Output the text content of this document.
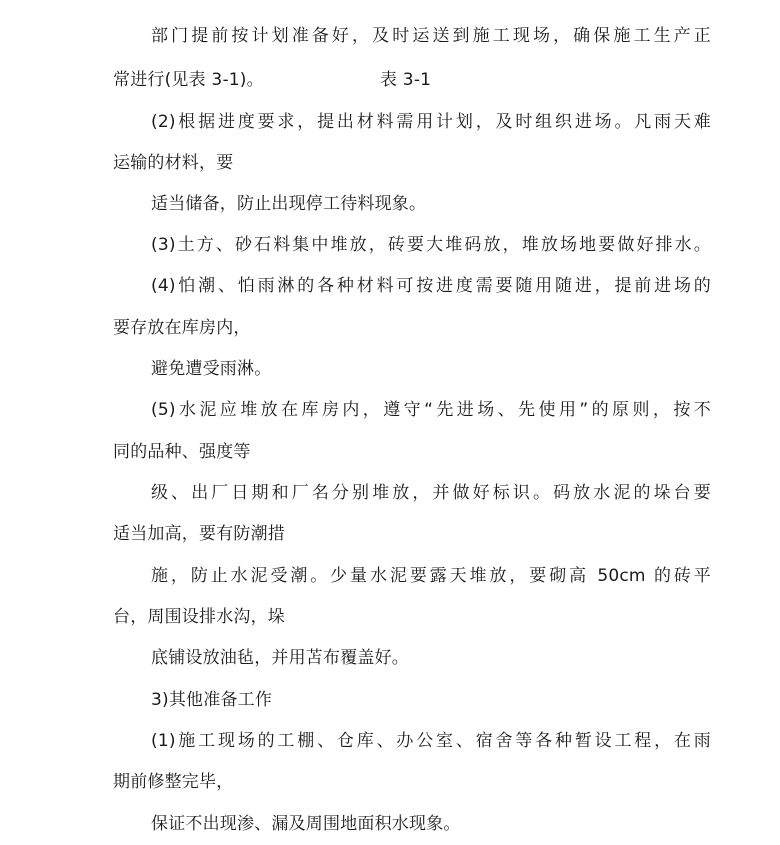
部门提前按计划准备好，及时运送到施工现场，确保施工生产正
常进行(见表 3-1)。	表 3-1
(2)根据进度要求，提出材料需用计划，及时组织进场。凡雨天难
运输的材料，要
适当储备，防止出现停工待料现象。
(3)土方、砂石料集中堆放，砖要大堆码放，堆放场地要做好排水。
(4)怕潮、怕雨淋的各种材料可按进度需要随用随进，提前进场的
要存放在库房内，
避免遭受雨淋。
(5)水泥应堆放在库房内，遵守“先进场、先使用”的原则，按不
同的品种、强度等
级、出厂日期和厂名分别堆放，并做好标识。码放水泥的垛台要
适当加高，要有防潮措
施，防止水泥受潮。少量水泥要露天堆放，要砌高 50cm 的砖平
台，周围设排水沟，垛
底铺设放油毡，并用苫布覆盖好。
3)其他准备工作
(1)施工现场的工棚、仓库、办公室、宿舍等各种暂设工程，在雨
期前修整完毕，
保证不出现渗、漏及周围地面积水现象。
